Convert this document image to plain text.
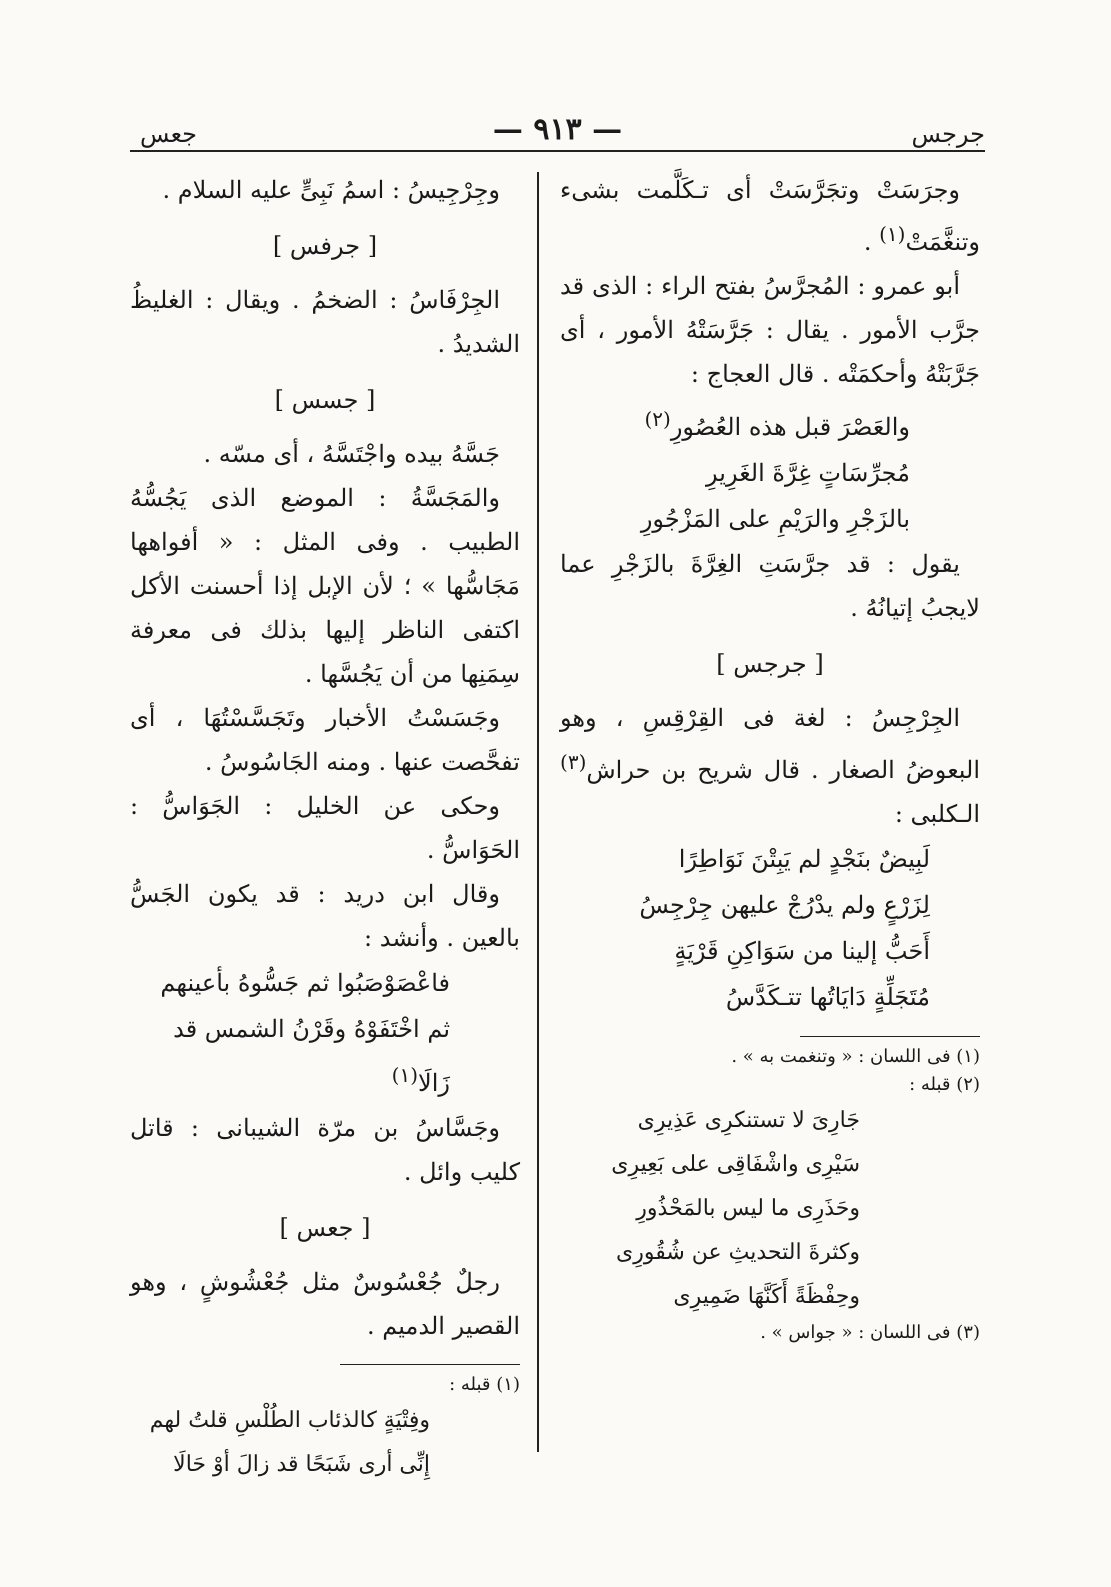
جرجس
— ٩١٣ —
جعس

وجرَسَتْ وتجَرَّسَتْ أى تـكَلَّمت بشىء وتنغَّمَتْ$^{(١)}$ .

أبو عمرو : المُجرَّسُ بفتح الراء : الذى قد جرَّب الأمور . يقال : جَرَّسَتْهُ الأمور ، أى جَرَّبَتْهُ وأحكمَتْه . قال العجاج :

والعَصْرَ قبل هذه العُصُورِ$^{(٢)}$

مُجرِّسَاتٍ غِرَّةَ الغَرِيرِ

بالزَجْرِ والرَيْمِ على المَزْجُورِ

يقول : قد جرَّسَتِ الغِرَّةَ بالزَجْرِ عما لايجبُ إتيانُهُ .

[ جرجس ]

الجِرْجِسُ : لغة فى القِرْقِسِ ، وهو البعوضُ الصغار . قال شريح بن حراش$^{(٣)}$ الـكلبى :

لَبِيضٌ بنَجْدٍ لم يَبِتْنَ نَوَاطِرًا

لِزَرْعٍ ولم يدْرُجْ عليهن جِرْجِسُ

أَحَبُّ إلينا من سَوَاكِنِ قَرْيَةٍ

مُتَجَلِّةٍ دَايَاتُها تتـكَدَّسُ

(١) فى اللسان : « وتنغمت به » .

(٢) قبله :

جَارِىَ لا تستنكرِى عَذِيرِى

سَيْرِى واشْفَاقِى على بَعِيرِى

وحَذَرِى ما ليس بالمَحْذُورِ

وكثرةَ التحديثِ عن شُقُورِى

وحِفْظَةً أَكَنَّهَا ضَمِيرِى

(٣) فى اللسان : « جواس » .

وجِرْجِيسُ : اسمُ نَبِىٍّ عليه السلام .

[ جرفس ]

الجِرْفَاسُ : الضخمُ . ويقال : الغليظُ الشديدُ .

[ جسس ]

جَسَّهُ بيده واجْتَسَّهُ ، أى مسّه .

والمَجَسَّةُ : الموضع الذى يَجُسُّهُ الطبيب . وفى المثل : « أفواهها مَجَاسُّها » ؛ لأن الإبل إذا أحسنت الأكل اكتفى الناظر إليها بذلك فى معرفة سِمَنِها من أن يَجُسَّها .

وجَسَسْتُ الأخبار وتَجَسَّسْتُهَا ، أى تفحَّصت عنها . ومنه الجَاسُوسُ .

وحكى عن الخليل : الجَوَاسُّ : الحَوَاسُّ .

وقال ابن دريد : قد يكون الجَسُّ بالعين . وأنشد :

فاعْصَوْصَبُوا ثم جَسُّوهُ بأعينهم

ثم اخْتَفَوْهُ وقَرْنُ الشمس قد زَالَا$^{(١)}$

وجَسَّاسُ بن مرّة الشيبانى : قاتل كليب وائل .

[ جعس ]

رجلٌ جُعْسُوسٌ مثل جُعْشُوشٍ ، وهو القصير الدميم .

(١) قبله :

وفِتْيَةٍ كالذئاب الطُلْسِ قلتُ لهم

إِنِّى أرى شَبَحًا قد زالَ أوْ حَالَا
